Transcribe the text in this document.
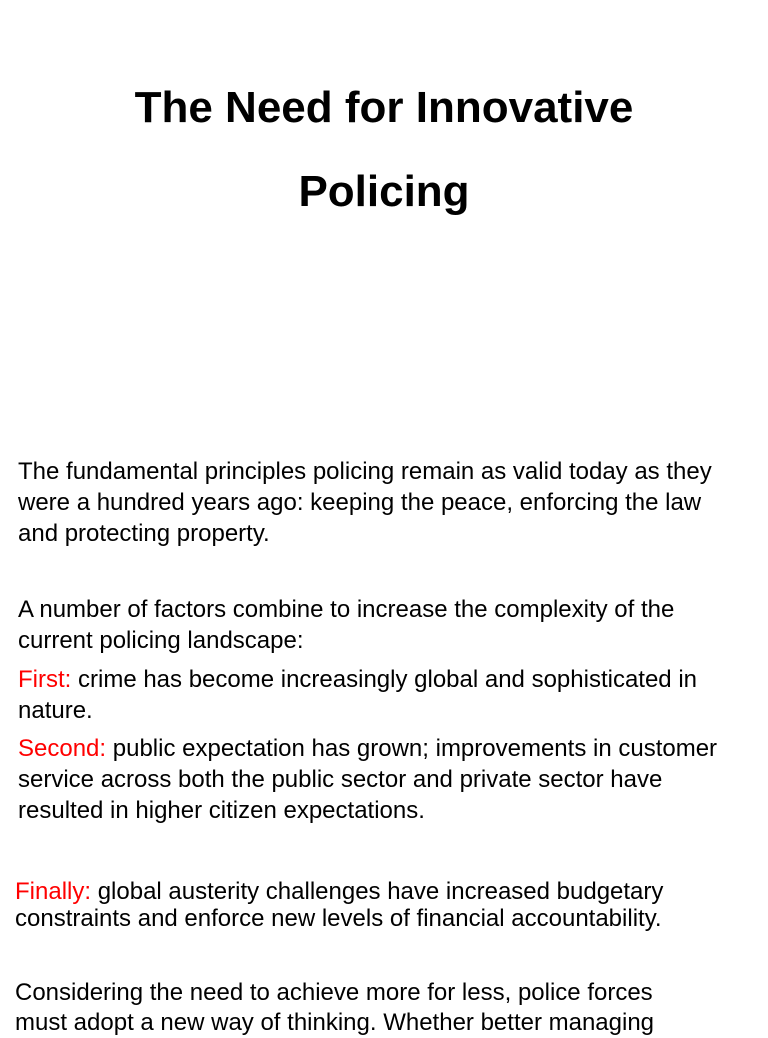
The Need for Innovative
Policing

The fundamental principles policing remain as valid today as they
were a hundred years ago: keeping the peace, enforcing the law
and protecting property.

A number of factors combine to increase the complexity of the
current policing landscape:

First: crime has become increasingly global and sophisticated in
nature.

Second: public expectation has grown; improvements in customer
service across both the public sector and private sector have
resulted in higher citizen expectations.

Finally: global austerity challenges have increased budgetary
constraints and enforce new levels of financial accountability.

Considering the need to achieve more for less, police forces
must adopt a new way of thinking. Whether better managing
